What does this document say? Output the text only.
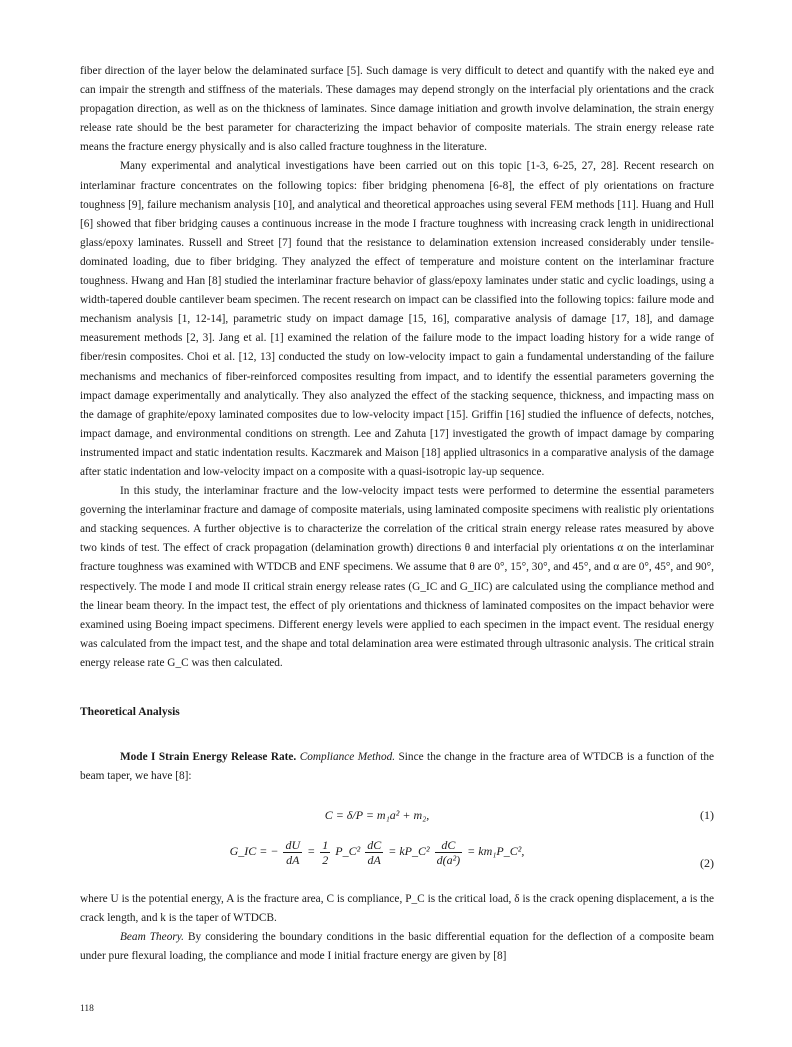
fiber direction of the layer below the delaminated surface [5]. Such damage is very difficult to detect and quantify with the naked eye and can impair the strength and stiffness of the materials. These damages may depend strongly on the interfacial ply orientations and the crack propagation direction, as well as on the thickness of laminates. Since damage initiation and growth involve delamination, the strain energy release rate should be the best parameter for characterizing the impact behavior of composite materials. The strain energy release rate means the fracture energy physically and is also called fracture toughness in the literature.

Many experimental and analytical investigations have been carried out on this topic [1-3, 6-25, 27, 28]. Recent research on interlaminar fracture concentrates on the following topics: fiber bridging phenomena [6-8], the effect of ply orientations on fracture toughness [9], failure mechanism analysis [10], and analytical and theoretical approaches using several FEM methods [11]. Huang and Hull [6] showed that fiber bridging causes a continuous increase in the mode I fracture toughness with increasing crack length in unidirectional glass/epoxy laminates. Russell and Street [7] found that the resistance to delamination extension increased considerably under tensile-dominated loading, due to fiber bridging. They analyzed the effect of temperature and moisture content on the interlaminar fracture toughness. Hwang and Han [8] studied the interlaminar fracture behavior of glass/epoxy laminates under static and cyclic loadings, using a width-tapered double cantilever beam specimen. The recent research on impact can be classified into the following topics: failure mode and mechanism analysis [1, 12-14], parametric study on impact damage [15, 16], comparative analysis of damage [17, 18], and damage measurement methods [2, 3]. Jang et al. [1] examined the relation of the failure mode to the impact loading history for a wide range of fiber/resin composites. Choi et al. [12, 13] conducted the study on low-velocity impact to gain a fundamental understanding of the failure mechanisms and mechanics of fiber-reinforced composites resulting from impact, and to identify the essential parameters governing the impact damage experimentally and analytically. They also analyzed the effect of the stacking sequence, thickness, and impacting mass on the damage of graphite/epoxy laminated composites due to low-velocity impact [15]. Griffin [16] studied the influence of defects, notches, impact damage, and environmental conditions on strength. Lee and Zahuta [17] investigated the growth of impact damage by comparing instrumented impact and static indentation results. Kaczmarek and Maison [18] applied ultrasonics in a comparative analysis of the damage after static indentation and low-velocity impact on a composite with a quasi-isotropic lay-up sequence.

In this study, the interlaminar fracture and the low-velocity impact tests were performed to determine the essential parameters governing the interlaminar fracture and damage of composite materials, using laminated composite specimens with realistic ply orientations and stacking sequences. A further objective is to characterize the correlation of the critical strain energy release rates measured by above two kinds of test. The effect of crack propagation (delamination growth) directions θ and interfacial ply orientations α on the interlaminar fracture toughness was examined with WTDCB and ENF specimens. We assume that θ are 0°, 15°, 30°, and 45°, and α are 0°, 45°, and 90°, respectively. The mode I and mode II critical strain energy release rates (G_IC and G_IIC) are calculated using the compliance method and the linear beam theory. In the impact test, the effect of ply orientations and thickness of laminated composites on the impact behavior were examined using Boeing impact specimens. Different energy levels were applied to each specimen in the impact event. The residual energy was calculated from the impact test, and the shape and total delamination area were estimated through ultrasonic analysis. The critical strain energy release rate G_C was then calculated.

Theoretical Analysis

Mode I Strain Energy Release Rate. Compliance Method. Since the change in the fracture area of WTDCB is a function of the beam taper, we have [8]:

C = δ/P = m₁a² + m₂,	(1)
G_IC = − $\frac{dU}{dA} = \frac{1}{2}$ P_C² $\frac{dC}{dA}$ = kP_C² $\frac{dC}{\text{d(a²)}}$ = km₁P_C²,
(2)

where U is the potential energy, A is the fracture area, C is compliance, P_C is the critical load, δ is the crack opening displacement, a is the crack length, and k is the taper of WTDCB.

Beam Theory. By considering the boundary conditions in the basic differential equation for the deflection of a composite beam under pure flexural loading, the compliance and mode I initial fracture energy are given by [8]

118
